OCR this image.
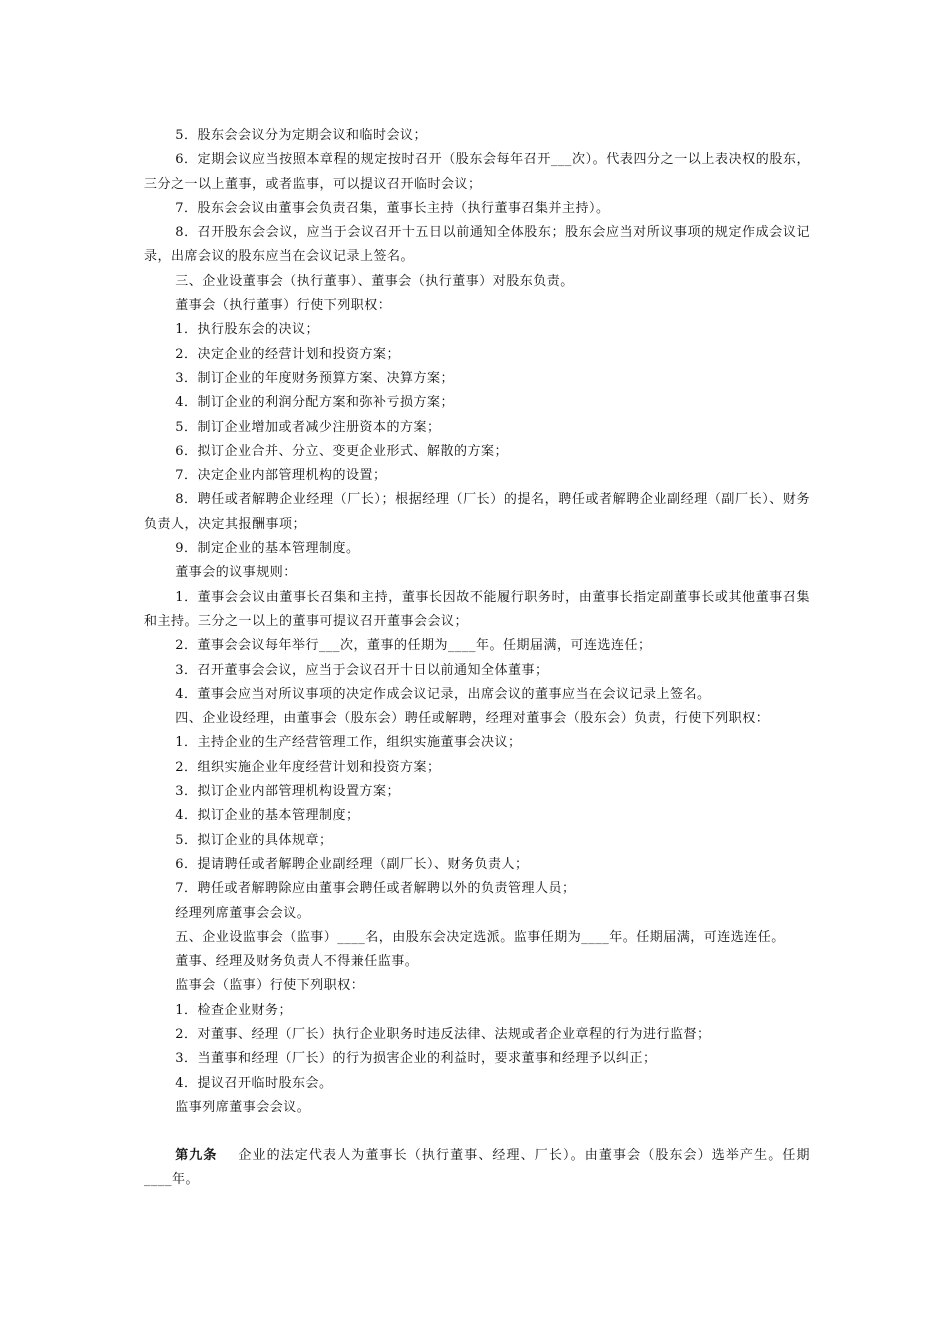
5．股东会会议分为定期会议和临时会议；

6．定期会议应当按照本章程的规定按时召开（股东会每年召开___次）。代表四分之一以上表决权的股东，三分之一以上董事，或者监事，可以提议召开临时会议；

7．股东会会议由董事会负责召集，董事长主持（执行董事召集并主持）。

8．召开股东会会议，应当于会议召开十五日以前通知全体股东；股东会应当对所议事项的规定作成会议记录，出席会议的股东应当在会议记录上签名。

三、企业设董事会（执行董事）、董事会（执行董事）对股东负责。

董事会（执行董事）行使下列职权：

1．执行股东会的决议；

2．决定企业的经营计划和投资方案；

3．制订企业的年度财务预算方案、决算方案；

4．制订企业的利润分配方案和弥补亏损方案；

5．制订企业增加或者减少注册资本的方案；

6．拟订企业合并、分立、变更企业形式、解散的方案；

7．决定企业内部管理机构的设置；

8．聘任或者解聘企业经理（厂长）；根据经理（厂长）的提名，聘任或者解聘企业副经理（副厂长）、财务负责人，决定其报酬事项；

9．制定企业的基本管理制度。

董事会的议事规则：

1．董事会会议由董事长召集和主持，董事长因故不能履行职务时，由董事长指定副董事长或其他董事召集和主持。三分之一以上的董事可提议召开董事会会议；

2．董事会会议每年举行___次，董事的任期为____年。任期届满，可连选连任；

3．召开董事会会议，应当于会议召开十日以前通知全体董事；

4．董事会应当对所议事项的决定作成会议记录，出席会议的董事应当在会议记录上签名。

四、企业设经理，由董事会（股东会）聘任或解聘，经理对董事会（股东会）负责，行使下列职权：

1．主持企业的生产经营管理工作，组织实施董事会决议；

2．组织实施企业年度经营计划和投资方案；

3．拟订企业内部管理机构设置方案；

4．拟订企业的基本管理制度；

5．拟订企业的具体规章；

6．提请聘任或者解聘企业副经理（副厂长）、财务负责人；

7．聘任或者解聘除应由董事会聘任或者解聘以外的负责管理人员；

经理列席董事会会议。

五、企业设监事会（监事）____名，由股东会决定选派。监事任期为____年。任期届满，可连选连任。

董事、经理及财务负责人不得兼任监事。

监事会（监事）行使下列职权：

1．检查企业财务；

2．对董事、经理（厂长）执行企业职务时违反法律、法规或者企业章程的行为进行监督；

3．当董事和经理（厂长）的行为损害企业的利益时，要求董事和经理予以纠正；

4．提议召开临时股东会。

监事列席董事会会议。

第九条 企业的法定代表人为董事长（执行董事、经理、厂长）。由董事会（股东会）选举产生。任期____年。
